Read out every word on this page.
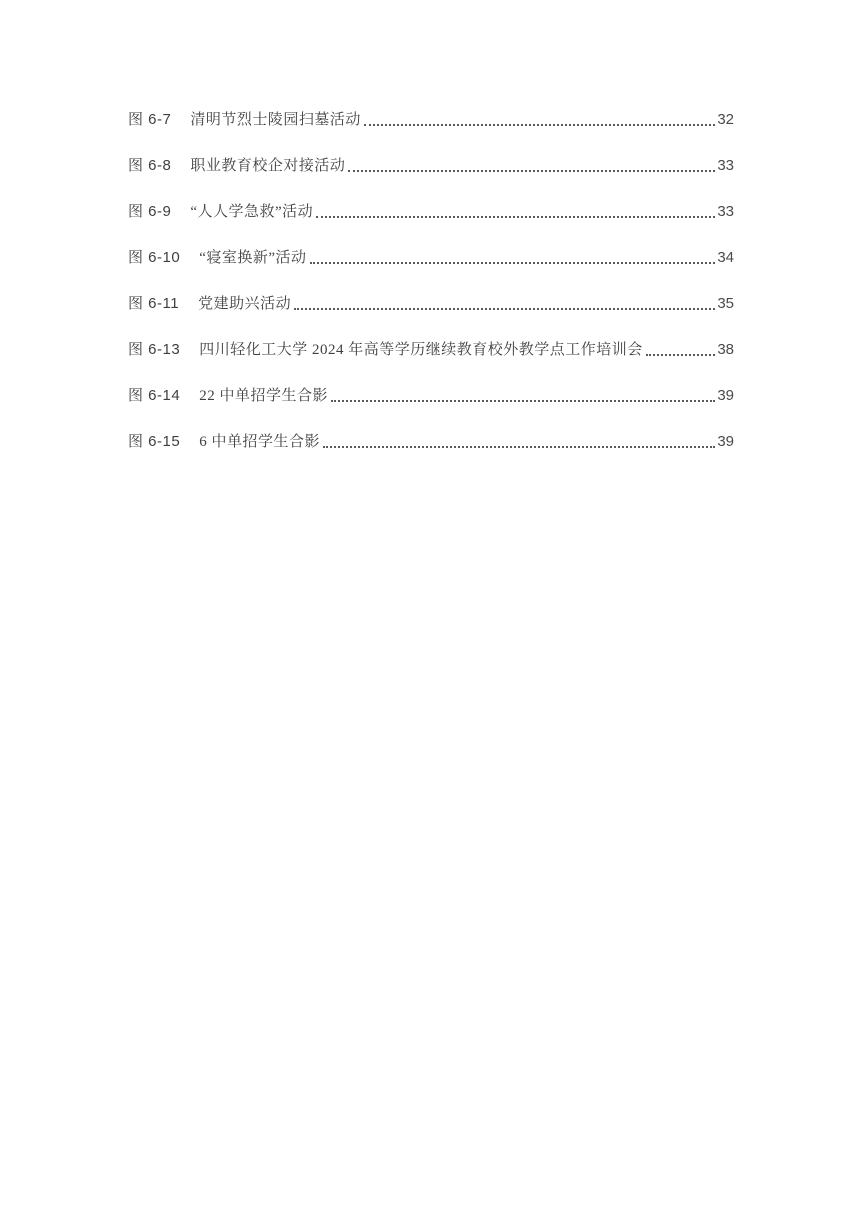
图 6-7 清明节烈士陵园扫墓活动	32
图 6-8 职业教育校企对接活动	33
图 6-9 “人人学急救”活动	33
图 6-10 “寝室换新”活动	34
图 6-11 党建助兴活动	35
图 6-13 四川轻化工大学 2024 年高等学历继续教育校外教学点工作培训会	38
图 6-14 22 中单招学生合影	39
图 6-15 6 中单招学生合影	39
